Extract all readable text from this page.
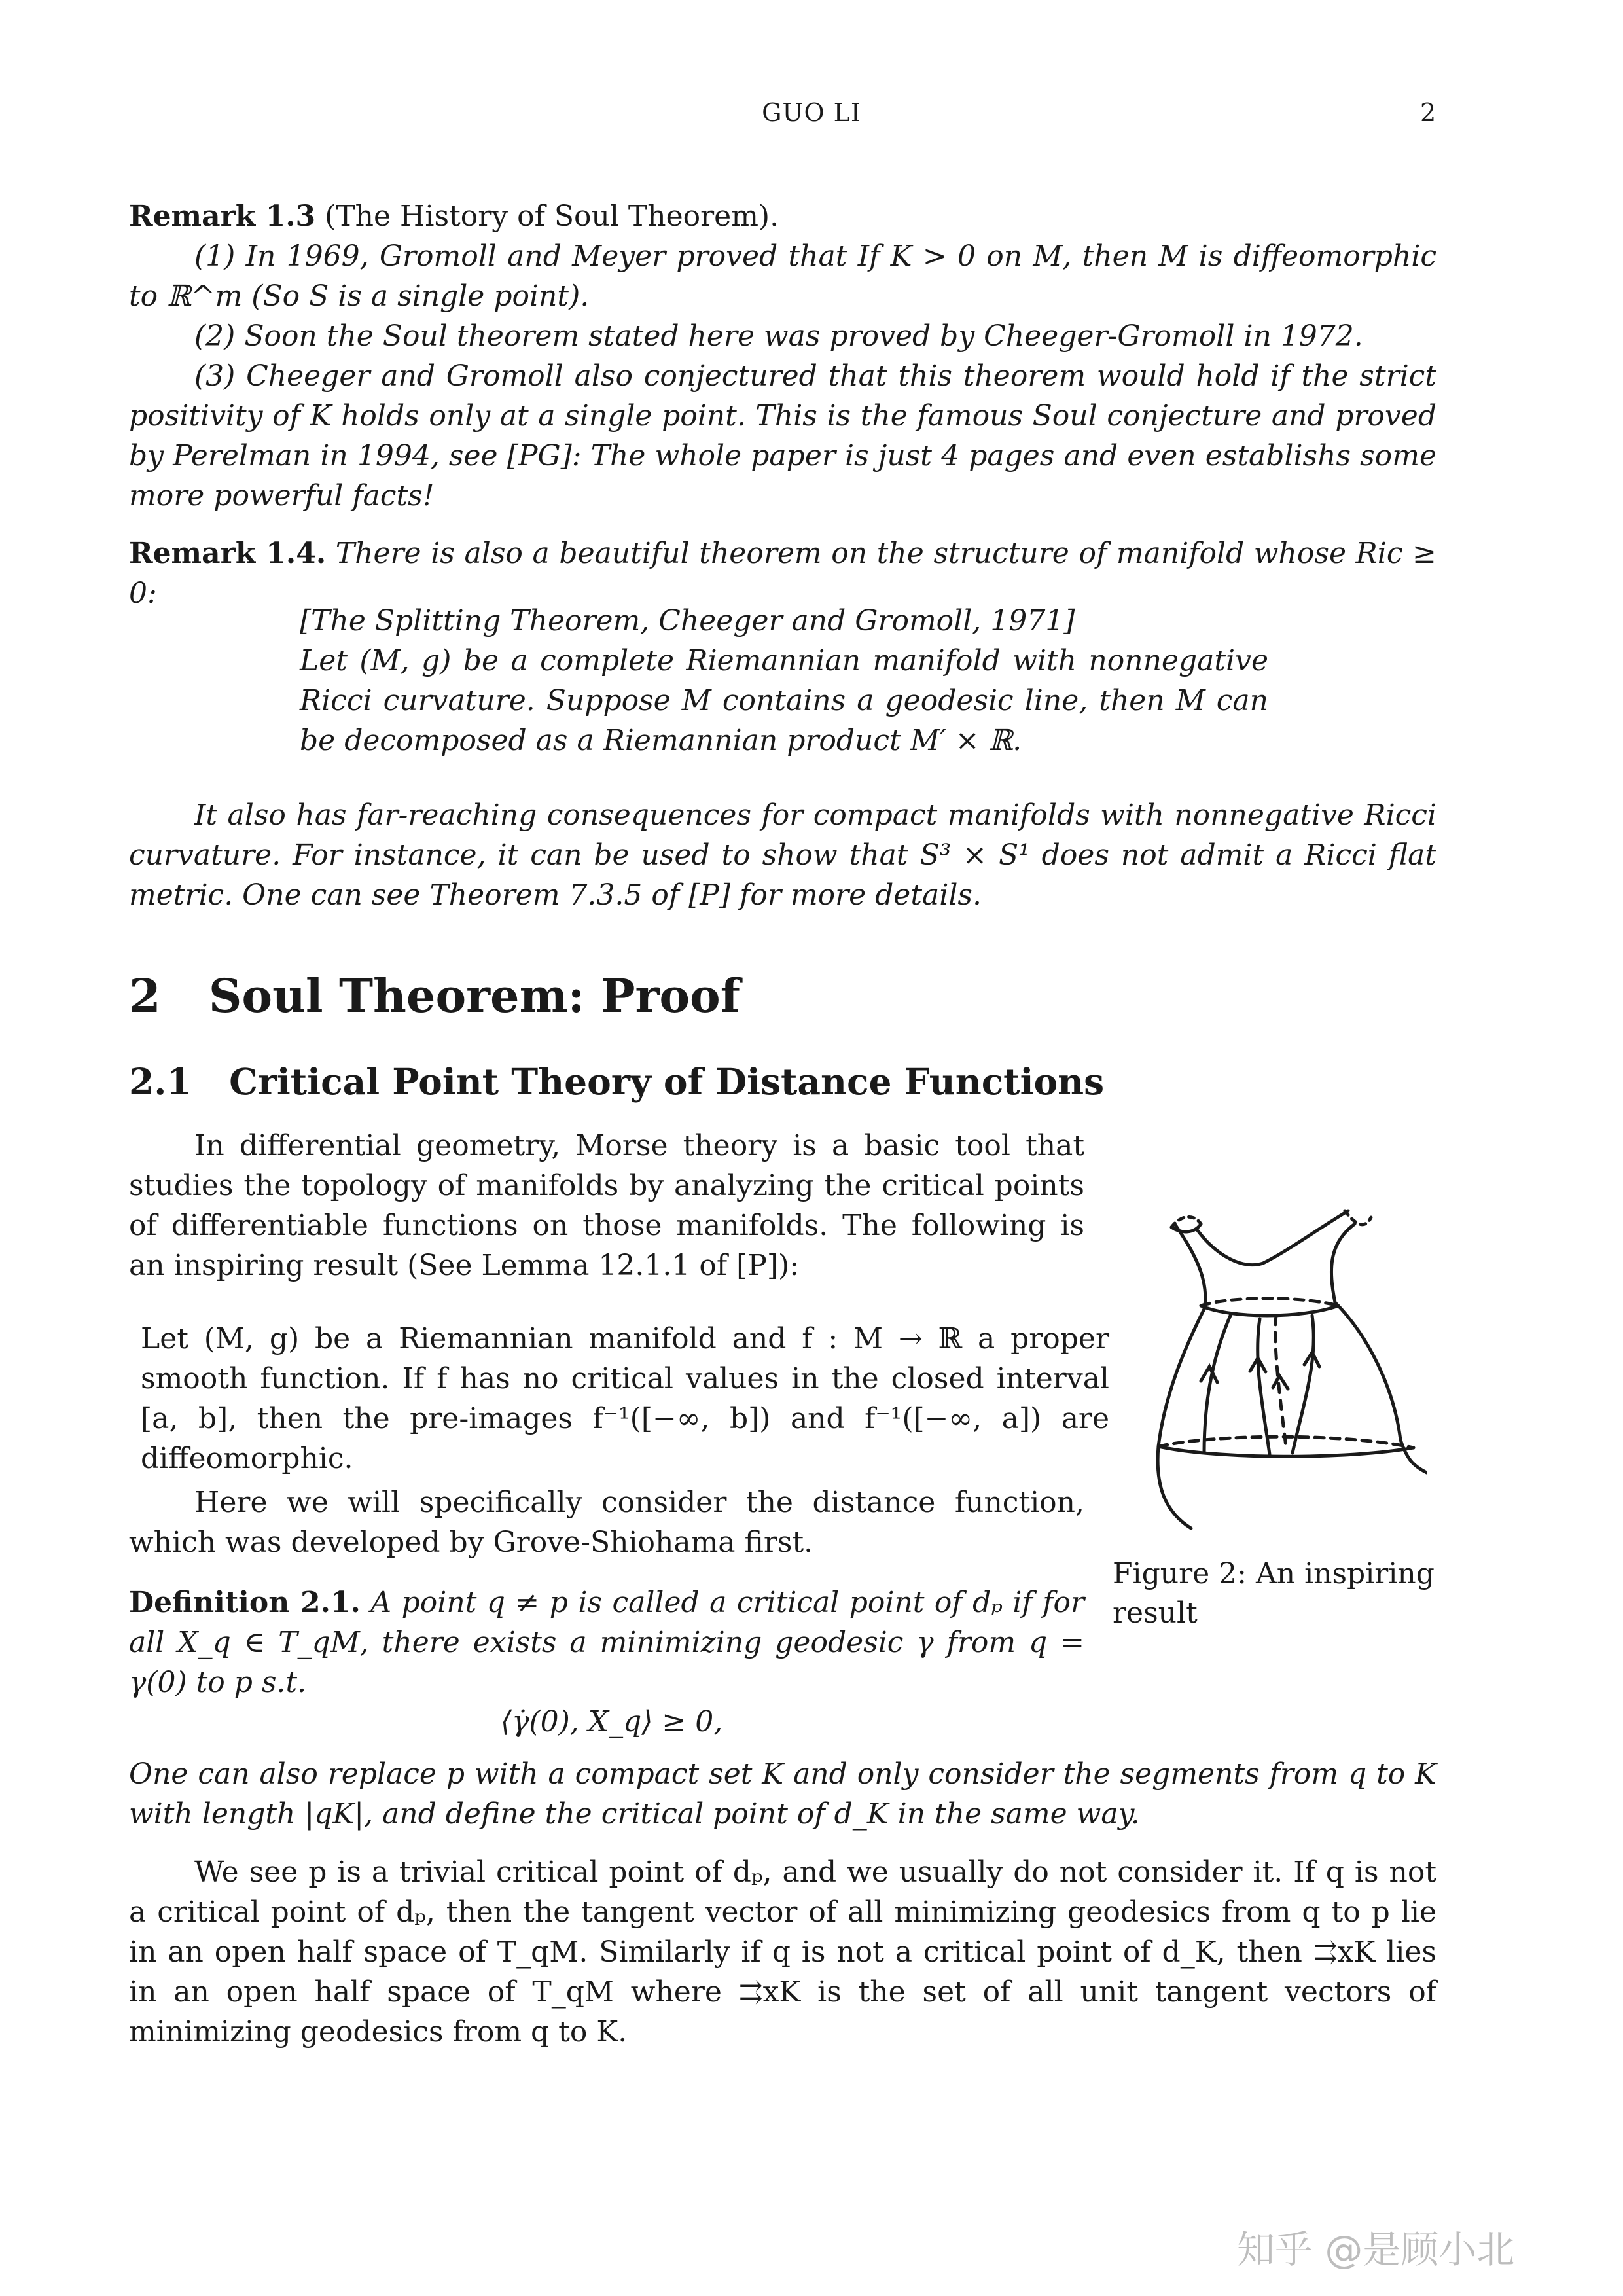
GUO LI	2
Remark 1.3 (The History of Soul Theorem).
(1) In 1969, Gromoll and Meyer proved that If K > 0 on M, then M is diffeomorphic to ℝ^m (So S is a single point).
(2) Soon the Soul theorem stated here was proved by Cheeger-Gromoll in 1972.
(3) Cheeger and Gromoll also conjectured that this theorem would hold if the strict positivity of K holds only at a single point. This is the famous Soul conjecture and proved by Perelman in 1994, see [PG]: The whole paper is just 4 pages and even establishs some more powerful facts!
Remark 1.4. There is also a beautiful theorem on the structure of manifold whose Ric ≥ 0:
[The Splitting Theorem, Cheeger and Gromoll, 1971]
Let (M, g) be a complete Riemannian manifold with nonnegative Ricci curvature. Suppose M contains a geodesic line, then M can be decomposed as a Riemannian product M′ × ℝ.
It also has far-reaching consequences for compact manifolds with nonnegative Ricci curvature. For instance, it can be used to show that S³ × S¹ does not admit a Ricci flat metric. One can see Theorem 7.3.5 of [P] for more details.
2 Soul Theorem: Proof
2.1 Critical Point Theory of Distance Functions
In differential geometry, Morse theory is a basic tool that studies the topology of manifolds by analyzing the critical points of differentiable functions on those manifolds. The following is an inspiring result (See Lemma 12.1.1 of [P]):
Let (M, g) be a Riemannian manifold and f : M → ℝ a proper smooth function. If f has no critical values in the closed interval [a, b], then the pre-images f⁻¹([−∞, b]) and f⁻¹([−∞, a]) are diffeomorphic.
Here we will specifically consider the distance function, which was developed by Grove-Shiohama first.
Figure 2: An inspiring result
Definition 2.1. A point q ≠ p is called a critical point of dₚ if for all X_q ∈ T_qM, there exists a minimizing geodesic γ from q = γ(0) to p s.t.
⟨γ̇(0), X_q⟩ ≥ 0,
One can also replace p with a compact set K and only consider the segments from q to K with length |qK|, and define the critical point of d_K in the same way.
We see p is a trivial critical point of dₚ, and we usually do not consider it. If q is not a critical point of dₚ, then the tangent vector of all minimizing geodesics from q to p lie in an open half space of T_qM. Similarly if q is not a critical point of d_K, then ⇉xK lies in an open half space of T_qM where ⇉xK is the set of all unit tangent vectors of minimizing geodesics from q to K.
知乎 @是顾小北
